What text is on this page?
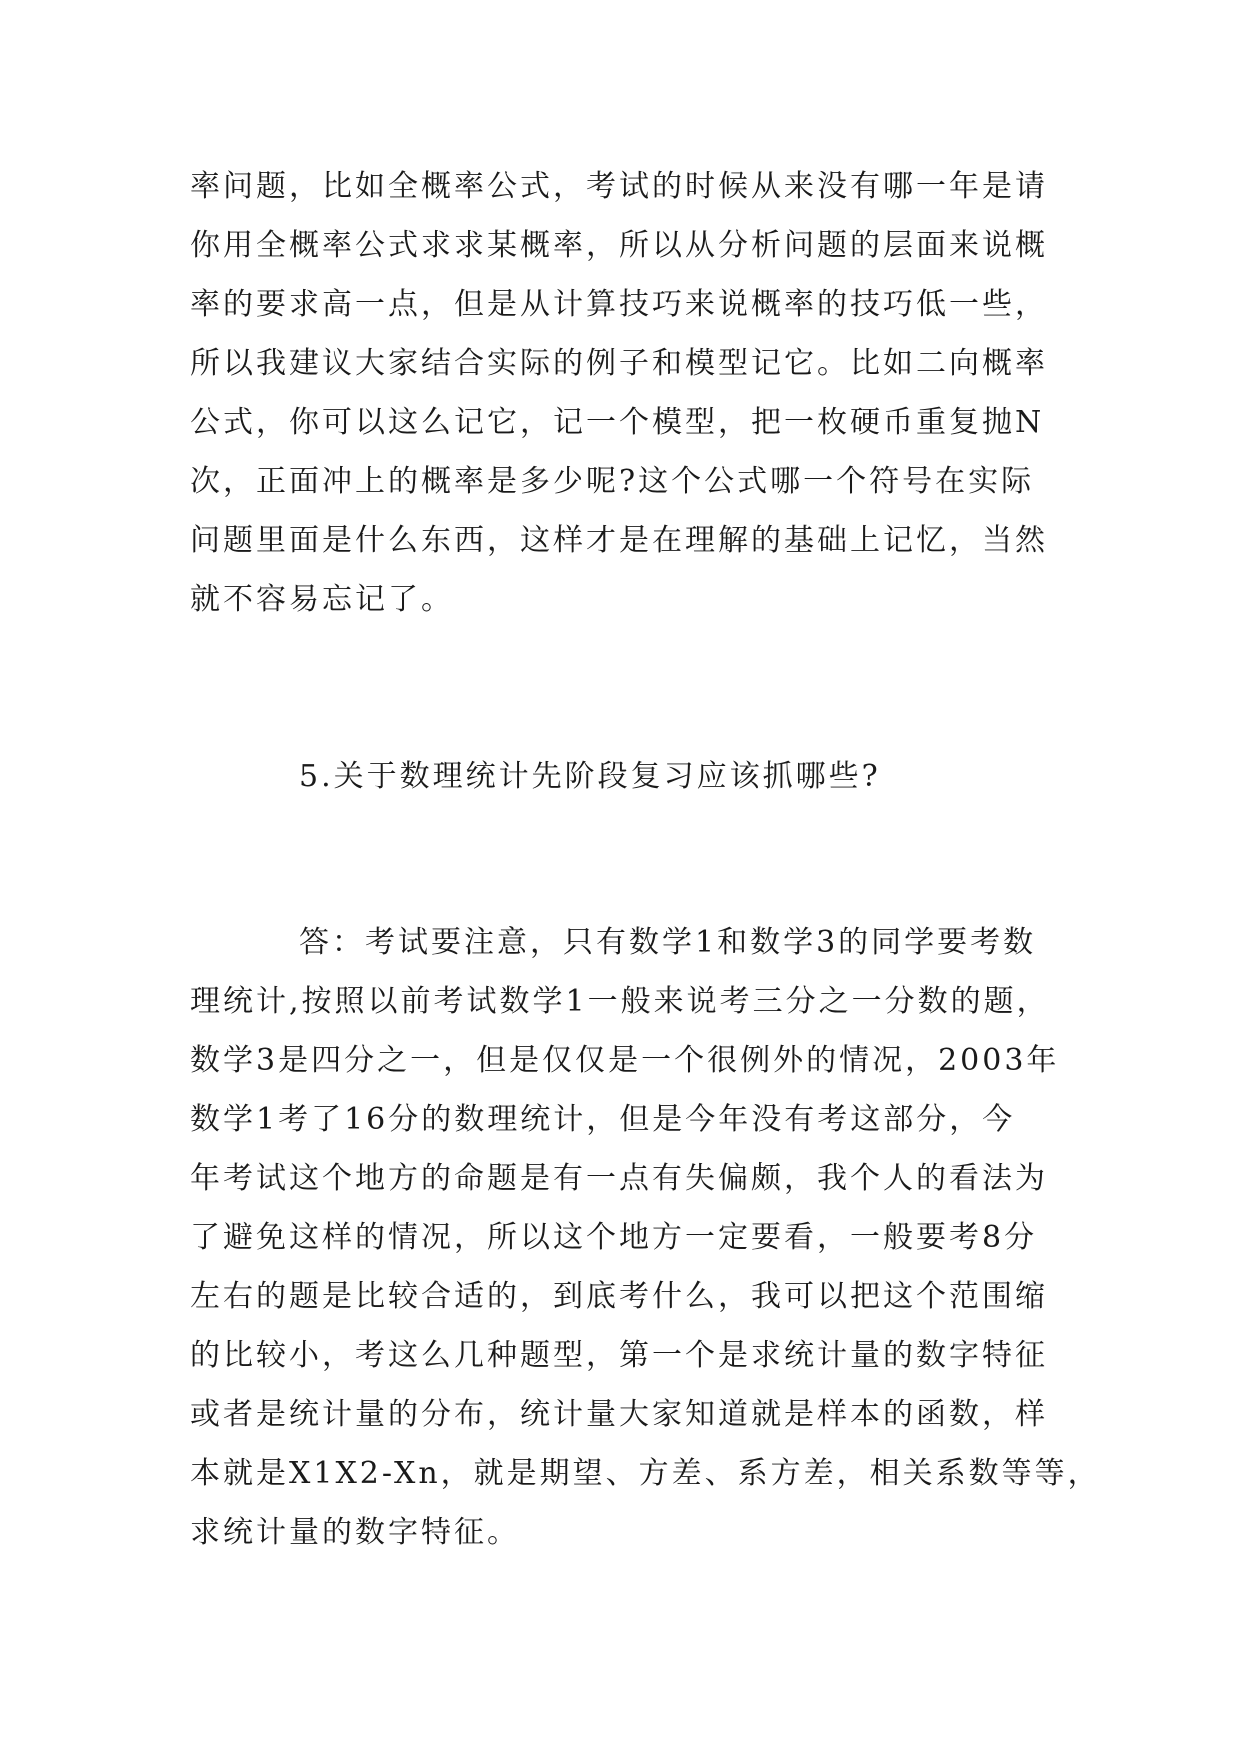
率问题，比如全概率公式，考试的时候从来没有哪一年是请
你用全概率公式求求某概率，所以从分析问题的层面来说概
率的要求高一点，但是从计算技巧来说概率的技巧低一些，
所以我建议大家结合实际的例子和模型记它。比如二向概率
公式，你可以这么记它，记一个模型，把一枚硬币重复抛N
次，正面冲上的概率是多少呢?这个公式哪一个符号在实际
问题里面是什么东西，这样才是在理解的基础上记忆，当然
就不容易忘记了。
5.关于数理统计先阶段复习应该抓哪些?
答：考试要注意，只有数学1和数学3的同学要考数
理统计,按照以前考试数学1一般来说考三分之一分数的题，
数学3是四分之一，但是仅仅是一个很例外的情况，2003年
数学1考了16分的数理统计，但是今年没有考这部分，今
年考试这个地方的命题是有一点有失偏颇，我个人的看法为
了避免这样的情况，所以这个地方一定要看，一般要考8分
左右的题是比较合适的，到底考什么，我可以把这个范围缩
的比较小，考这么几种题型，第一个是求统计量的数字特征
或者是统计量的分布，统计量大家知道就是样本的函数，样
本就是X1X2-Xn，就是期望、方差、系方差，相关系数等等，
求统计量的数字特征。
